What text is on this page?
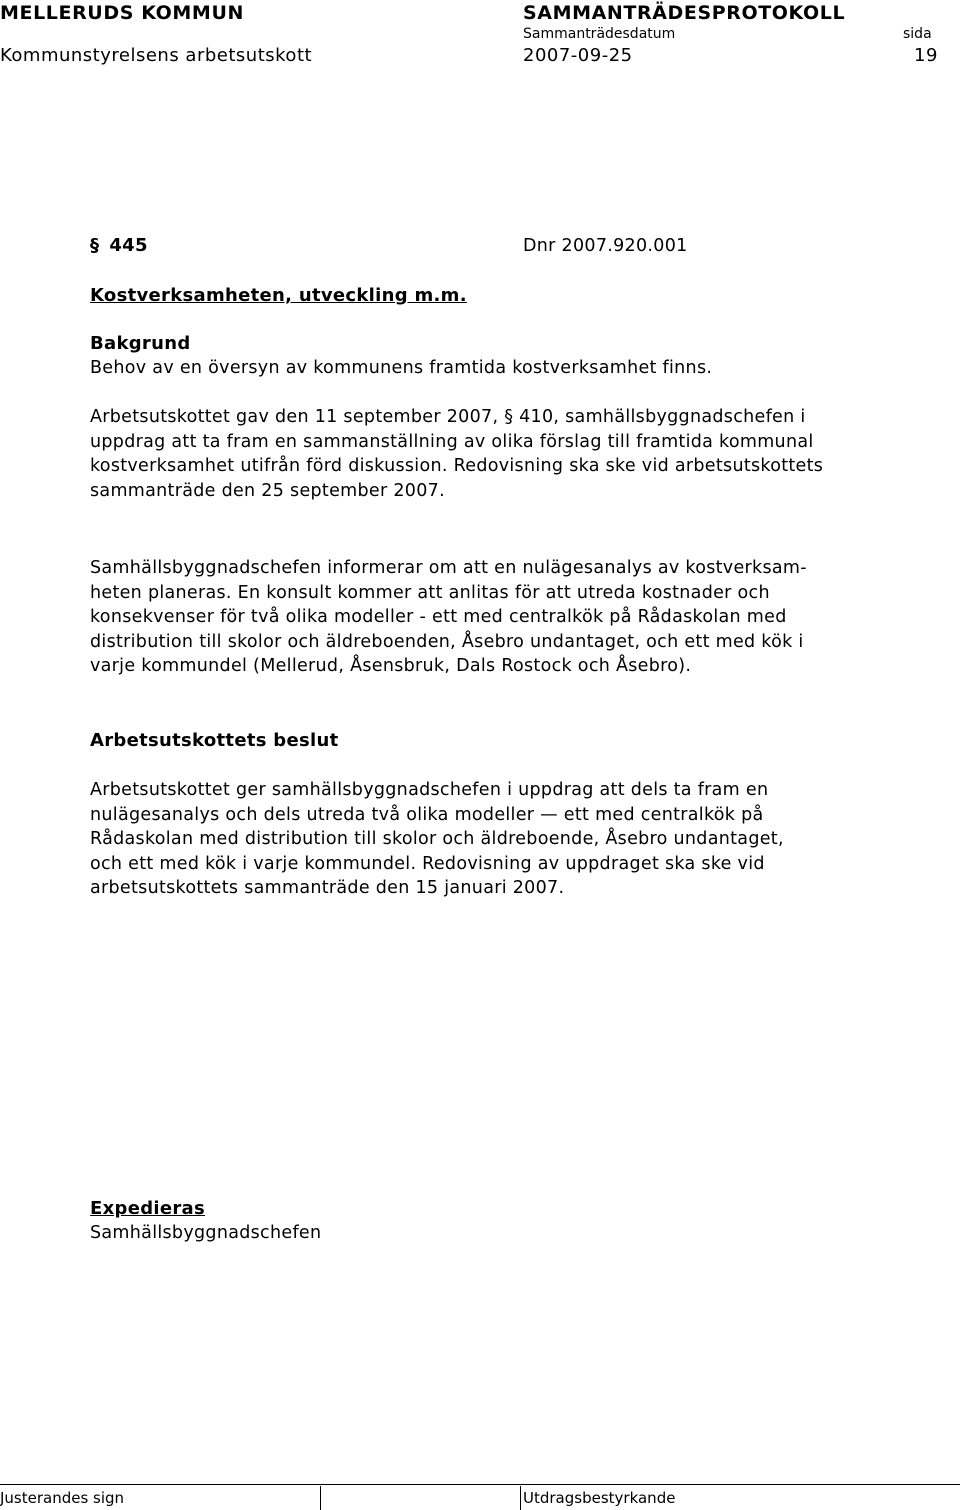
MELLERUDS KOMMUN	SAMMANTRÄDESPROTOKOLL
Sammanträdesdatum	sida
Kommunstyrelsens arbetsutskott	2007-09-25	19
§ 445	Dnr 2007.920.001
Kostverksamheten, utveckling m.m.
Bakgrund

Behov av en översyn av kommunens framtida kostverksamhet finns.

Arbetsutskottet gav den 11 september 2007, § 410, samhällsbyggnadschefen i

uppdrag att ta fram en sammanställning av olika förslag till framtida kommunal

kostverksamhet utifrån förd diskussion. Redovisning ska ske vid arbetsutskottets

sammanträde den 25 september 2007.

Samhällsbyggnadschefen informerar om att en nulägesanalys av kostverksam-

heten planeras. En konsult kommer att anlitas för att utreda kostnader och

konsekvenser för två olika modeller - ett med centralkök på Rådaskolan med

distribution till skolor och äldreboenden, Åsebro undantaget, och ett med kök i

varje kommundel (Mellerud, Åsensbruk, Dals Rostock och Åsebro).

Arbetsutskottets beslut

Arbetsutskottet ger samhällsbyggnadschefen i uppdrag att dels ta fram en

nulägesanalys och dels utreda två olika modeller — ett med centralkök på

Rådaskolan med distribution till skolor och äldreboende, Åsebro undantaget,

och ett med kök i varje kommundel. Redovisning av uppdraget ska ske vid

arbetsutskottets sammanträde den 15 januari 2007.

Expedieras
Samhällsbyggnadschefen
Justerandes sign	Utdragsbestyrkande
